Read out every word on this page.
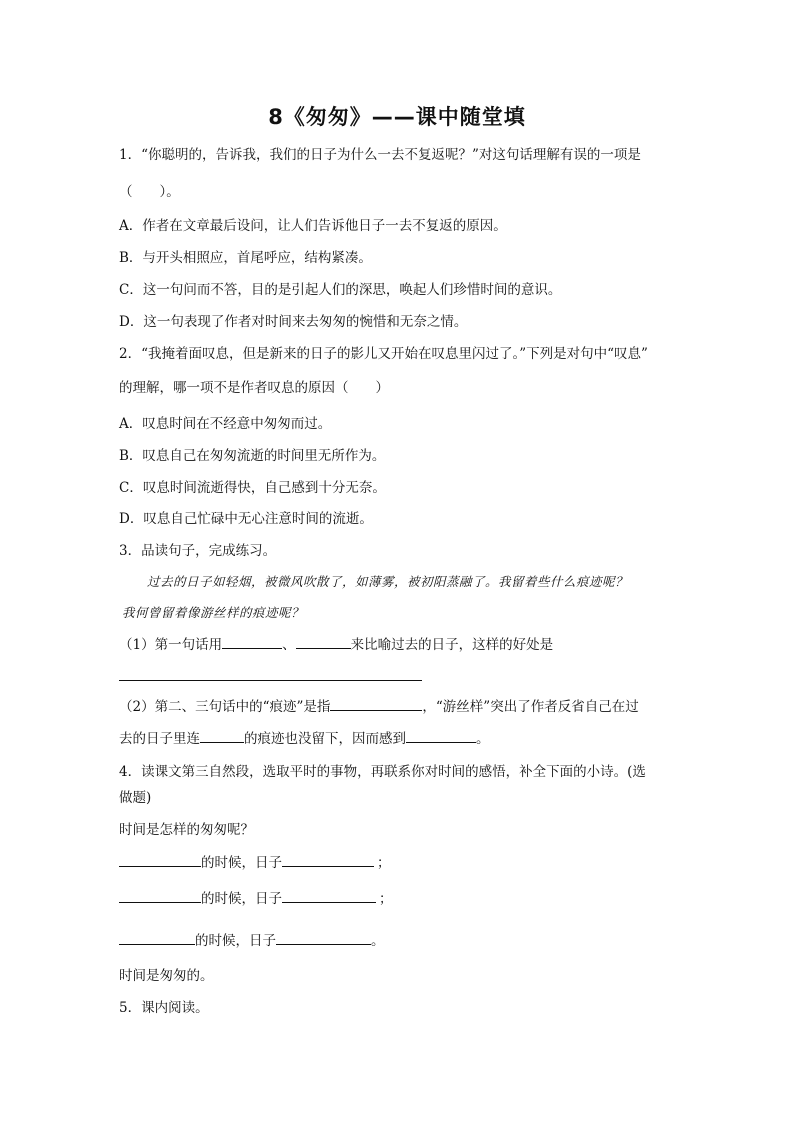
8《匆匆》——课中随堂填
1．“你聪明的，告诉我，我们的日子为什么一去不复返呢？”对这句话理解有误的一项是
（　　）。
A．作者在文章最后设问，让人们告诉他日子一去不复返的原因。
B．与开头相照应，首尾呼应，结构紧凑。
C．这一句问而不答，目的是引起人们的深思，唤起人们珍惜时间的意识。
D．这一句表现了作者对时间来去匆匆的惋惜和无奈之情。
2．“我掩着面叹息，但是新来的日子的影儿又开始在叹息里闪过了。”下列是对句中“叹息”
的理解，哪一项不是作者叹息的原因（　　）
A．叹息时间在不经意中匆匆而过。
B．叹息自己在匆匆流逝的时间里无所作为。
C．叹息时间流逝得快，自己感到十分无奈。
D．叹息自己忙碌中无心注意时间的流逝。
3．品读句子，完成练习。
过去的日子如轻烟，被微风吹散了，如薄雾，被初阳蒸融了。我留着些什么痕迹呢？
我何曾留着像游丝样的痕迹呢？
（1）第一句话用	、	来比喻过去的日子，这样的好处是
（2）第二、三句话中的“痕迹”是指	，“游丝样”突出了作者反省自己在过
去的日子里连	的痕迹也没留下，因而感到	。
4．读课文第三自然段，选取平时的事物，再联系你对时间的感悟，补全下面的小诗。(选
做题)
时间是怎样的匆匆呢？
的时候，日子	；
的时候，日子	；
的时候，日子	。
时间是匆匆的。
5．课内阅读。
